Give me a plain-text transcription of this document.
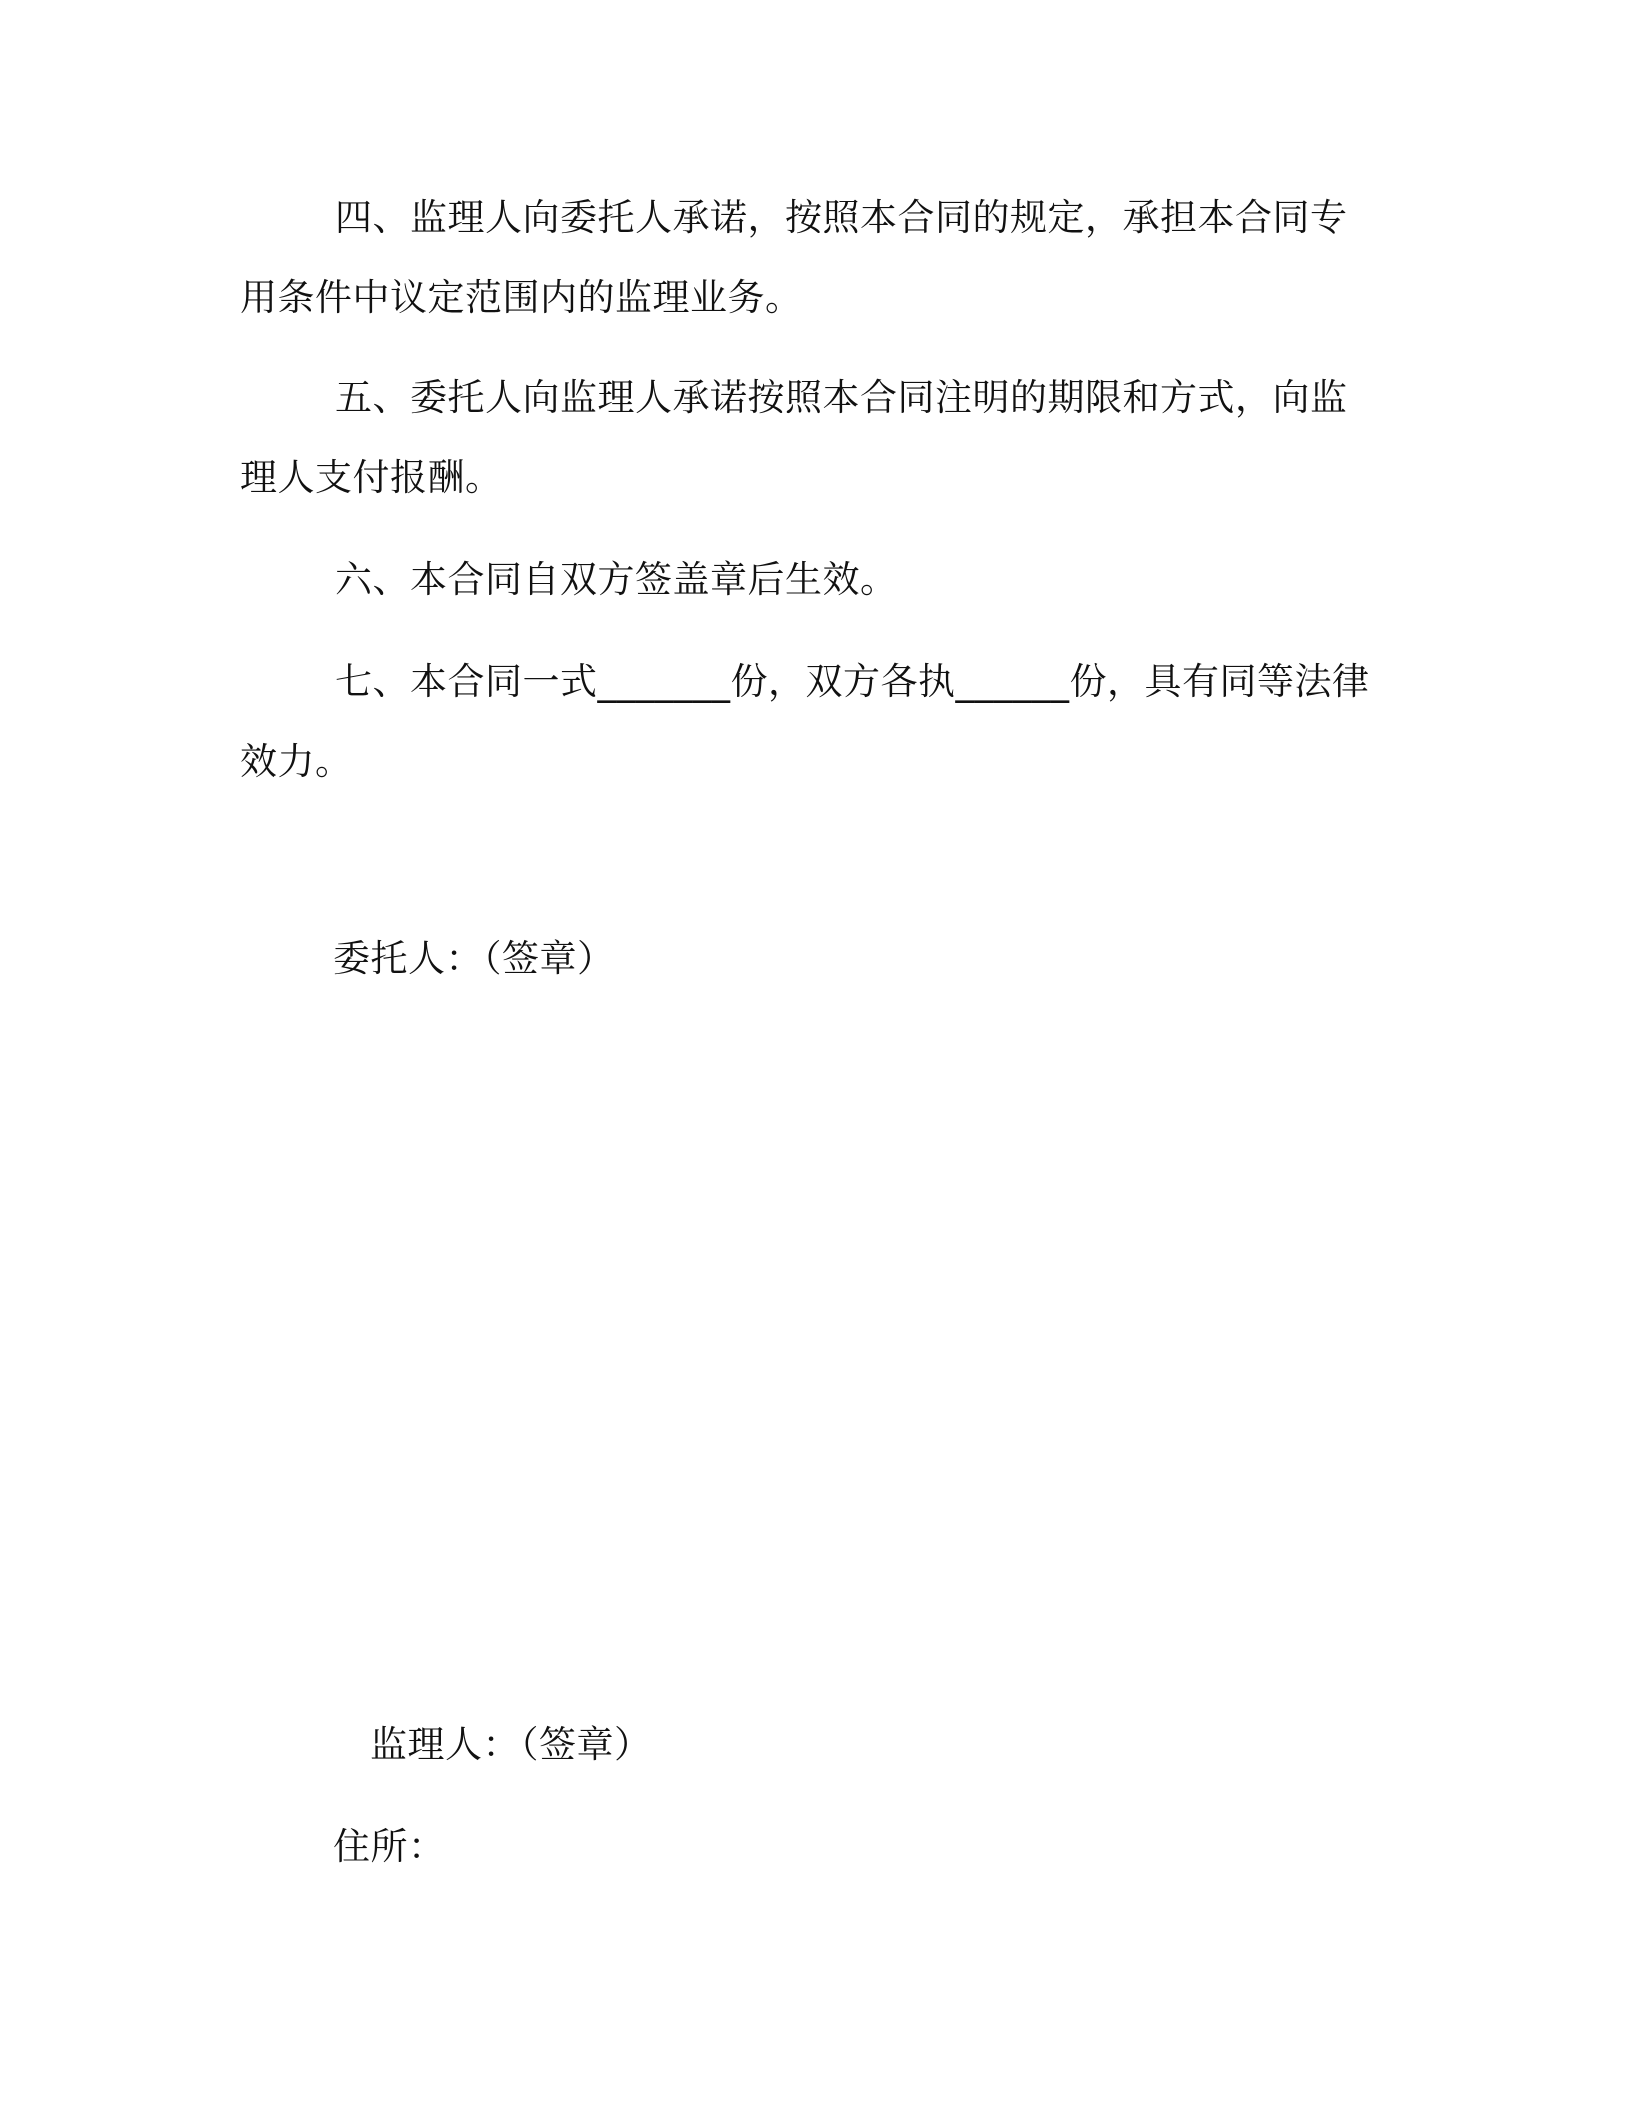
四、监理人向委托人承诺，按照本合同的规定，承担本合同专用条件中议定范围内的监理业务。

五、委托人向监理人承诺按照本合同注明的期限和方式，向监理人支付报酬。

六、本合同自双方签盖章后生效。

七、本合同一式_______份，双方各执______份，具有同等法律效力。

委托人：（签章）

监理人：（签章）

住所：
